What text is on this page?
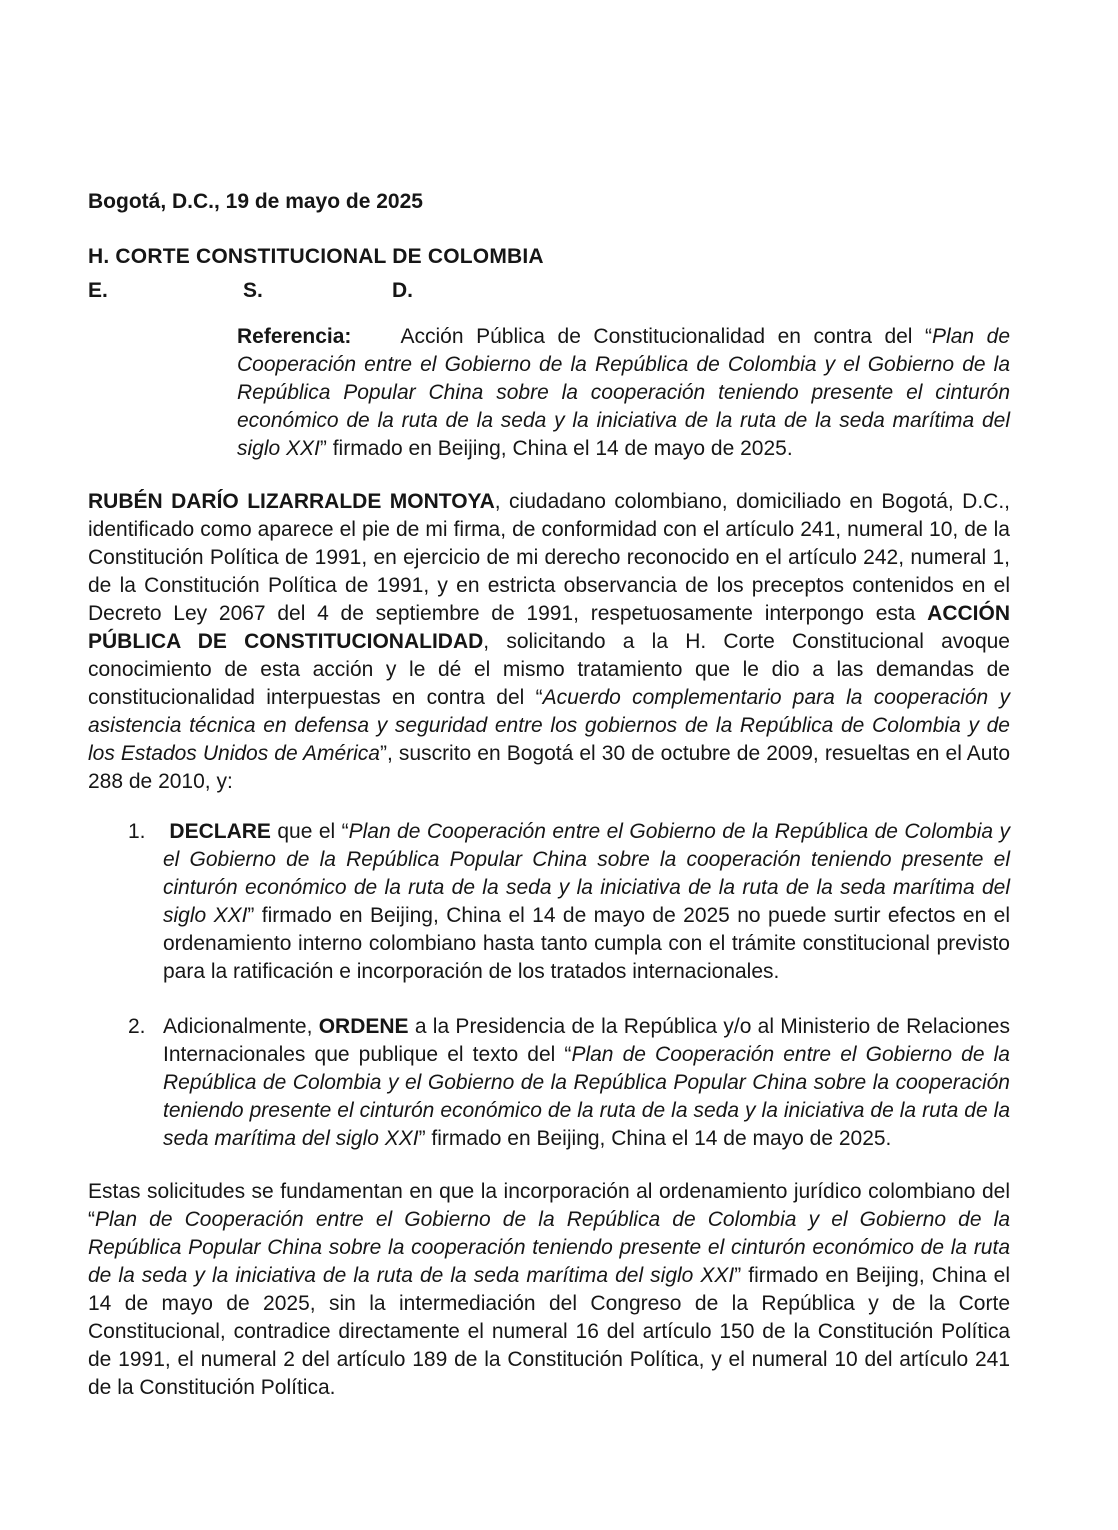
Bogotá, D.C., 19 de mayo de 2025

H. CORTE CONSTITUCIONAL DE COLOMBIA

E.	S.	D.

Referencia:    Acción Pública de Constitucionalidad en contra del “Plan de Cooperación entre el Gobierno de la República de Colombia y el Gobierno de la República Popular China sobre la cooperación teniendo presente el cinturón económico de la ruta de la seda y la iniciativa de la ruta de la seda marítima del siglo XXI” firmado en Beijing, China el 14 de mayo de 2025.

RUBÉN DARÍO LIZARRALDE MONTOYA, ciudadano colombiano, domiciliado en Bogotá, D.C., identificado como aparece el pie de mi firma, de conformidad con el artículo 241, numeral 10, de la Constitución Política de 1991, en ejercicio de mi derecho reconocido en el artículo 242, numeral 1, de la Constitución Política de 1991, y en estricta observancia de los preceptos contenidos en el Decreto Ley 2067 del 4 de septiembre de 1991, respetuosamente interpongo esta ACCIÓN PÚBLICA DE CONSTITUCIONALIDAD, solicitando a la H. Corte Constitucional avoque conocimiento de esta acción y le dé el mismo tratamiento que le dio a las demandas de constitucionalidad interpuestas en contra del “Acuerdo complementario para la cooperación y asistencia técnica en defensa y seguridad entre los gobiernos de la República de Colombia y de los Estados Unidos de América”, suscrito en Bogotá el 30 de octubre de 2009, resueltas en el Auto 288 de 2010, y:

1. DECLARE que el “Plan de Cooperación entre el Gobierno de la República de Colombia y el Gobierno de la República Popular China sobre la cooperación teniendo presente el cinturón económico de la ruta de la seda y la iniciativa de la ruta de la seda marítima del siglo XXI” firmado en Beijing, China el 14 de mayo de 2025 no puede surtir efectos en el ordenamiento interno colombiano hasta tanto cumpla con el trámite constitucional previsto para la ratificación e incorporación de los tratados internacionales.
2. Adicionalmente, ORDENE a la Presidencia de la República y/o al Ministerio de Relaciones Internacionales que publique el texto del “Plan de Cooperación entre el Gobierno de la República de Colombia y el Gobierno de la República Popular China sobre la cooperación teniendo presente el cinturón económico de la ruta de la seda y la iniciativa de la ruta de la seda marítima del siglo XXI” firmado en Beijing, China el 14 de mayo de 2025.

Estas solicitudes se fundamentan en que la incorporación al ordenamiento jurídico colombiano del “Plan de Cooperación entre el Gobierno de la República de Colombia y el Gobierno de la República Popular China sobre la cooperación teniendo presente el cinturón económico de la ruta de la seda y la iniciativa de la ruta de la seda marítima del siglo XXI” firmado en Beijing, China el 14 de mayo de 2025, sin la intermediación del Congreso de la República y de la Corte Constitucional, contradice directamente el numeral 16 del artículo 150 de la Constitución Política de 1991, el numeral 2 del artículo 189 de la Constitución Política, y el numeral 10 del artículo 241 de la Constitución Política.
